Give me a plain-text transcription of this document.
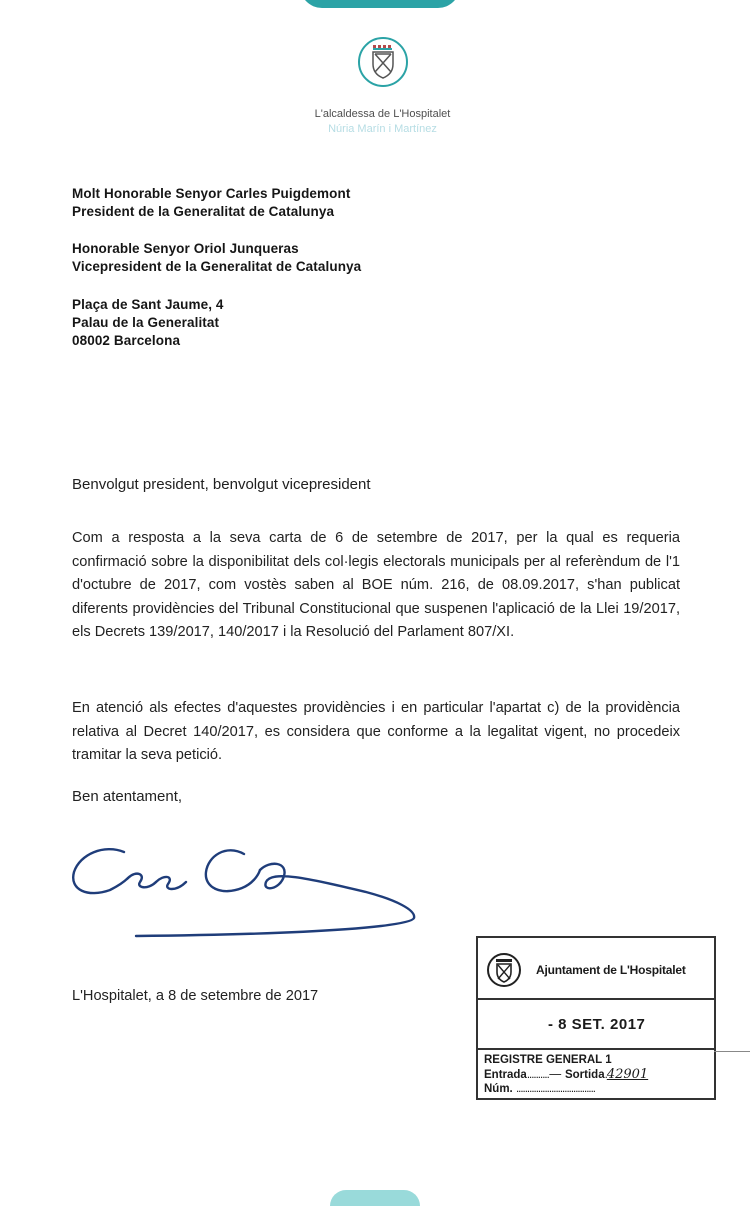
L'alcaldessa de L'Hospitalet
Núria Marín i Martínez
Molt Honorable Senyor Carles Puigdemont
President de la Generalitat de Catalunya
Honorable Senyor Oriol Junqueras
Vicepresident de la Generalitat de Catalunya
Plaça de Sant Jaume, 4
Palau de la Generalitat
08002 Barcelona
Benvolgut president, benvolgut vicepresident
Com a resposta a la seva carta de 6 de setembre de 2017, per la qual es requeria confirmació sobre la disponibilitat dels col·legis electorals municipals per al referèndum de l'1 d'octubre de 2017, com vostès saben al BOE núm. 216, de 08.09.2017, s'han publicat diferents providències del Tribunal Constitucional que suspenen l'aplicació de la Llei 19/2017, els Decrets 139/2017, 140/2017 i la Resolució del Parlament 807/XI.
En atenció als efectes d'aquestes providències i en particular l'apartat c) de la providència relativa al Decret 140/2017, es considera que conforme a la legalitat vigent, no procedeix tramitar la seva petició.
Ben atentament,
L'Hospitalet, a 8 de setembre de 2017
Ajuntament de L'Hospitalet
- 8 SET. 2017
REGISTRE GENERAL 1
Entrada..........— Sortida.42901
Núm. ....................................
